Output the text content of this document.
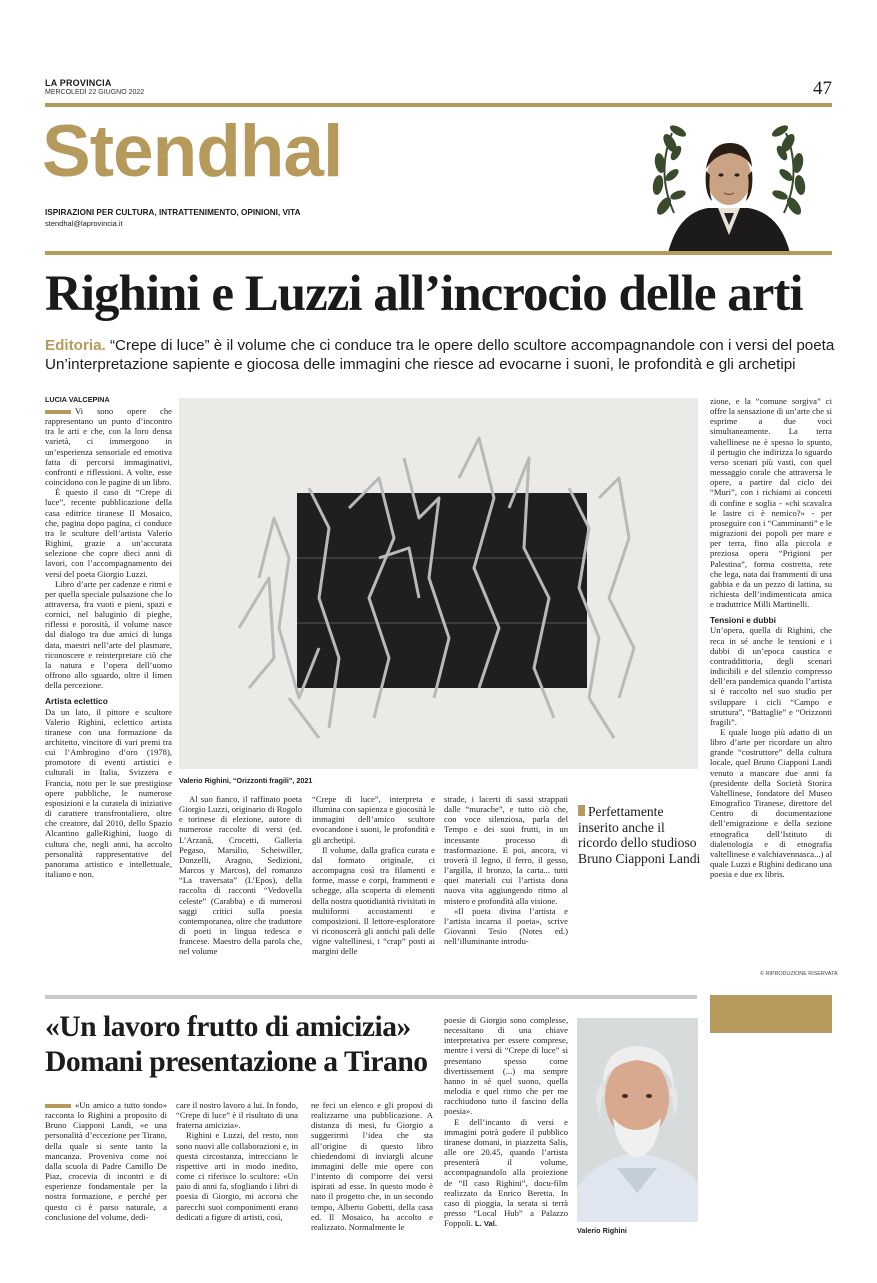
LA PROVINCIA
MERCOLEDÌ 22 GIUGNO 2022	47
Stendhal
ISPIRAZIONI PER CULTURA, INTRATTENIMENTO, OPINIONI, VITA
stendhal@laprovincia.it
Righini e Luzzi all’incrocio delle arti
Editoria. “Crepe di luce” è il volume che ci conduce tra le opere dello scultore accompagnandole con i versi del poeta
Un’interpretazione sapiente e giocosa delle immagini che riesce ad evocarne i suoni, le profondità e gli archetipi
LUCIA VALCEPINA

Vi sono opere che rappresentano un punto d’incontro tra le arti e che, con la loro densa varietà, ci immergono in un’esperienza sensoriale ed emotiva fatta di percorsi immaginativi, confronti e riflessioni. A volte, esse coincidono con le pagine di un libro.

È questo il caso di “Crepe di luce”, recente pubblicazione della casa editrice tiranese Il Mosaico, che, pagina dopo pagina, ci conduce tra le sculture dell’artista Valerio Righini, grazie a un’accurata selezione che copre dieci anni di lavori, con l’accompagnamento dei versi del poeta Giorgio Luzzi.

Libro d’arte per cadenze e ritmi e per quella speciale pulsazione che lo attraversa, fra vuoti e pieni, spazi e cornici, nel baluginio di pieghe, riflessi e porosità, il volume nasce dal dialogo tra due amici di lunga data, maestri nell’arte del plasmare, riconoscere e reinterpretare ciò che la natura e l’opera dell’uomo offrono allo sguardo, oltre il limen della percezione.

Artista eclettico

Da un lato, il pittore e scultore Valerio Righini, eclettico artista tiranese con una formazione da architetto, vincitore di vari premi tra cui l’Ambrogino d’oro (1978), promotore di eventi artistici e culturali in Italia, Svizzera e Francia, noto per le sue prestigiose opere pubbliche, le numerose esposizioni e la curatela di iniziative di carattere transfrontaliero, oltre che creatore, dal 2010, dello Spazio Alcantino galleRighini, luogo di cultura che, negli anni, ha accolto personalità rappresentative del panorama artistico e intellettuale, italiano e non.

Valerio Righini, “Orizzonti fragili”, 2021

Al suo fianco, il raffinato poeta Giorgio Luzzi, originario di Rogolo e torinese di elezione, autore di numerose raccolte di versi (ed. L’Arzanà, Crocetti, Galleria Pegaso, Marsilio, Scheiwiller, Donzelli, Aragno, Sedizioni, Marcos y Marcos), del romanzo “La traversata” (L’Epos), della raccolta di racconti “Vedovella celeste” (Carabba) e di numerosi saggi critici sulla poesia contemporanea, oltre che traduttore di poeti in lingua tedesca e francese. Maestro della parola che, nel volume

“Crepe di luce”, interpreta e illumina con sapienza e giocosità le immagini dell’amico scultore evocandone i suoni, le profondità e gli archetipi.

Il volume, dalla grafica curata e dal formato originale, ci accompagna così tra filamenti e forme, masse e corpi, frammenti e schegge, alla scoperta di elementi della nostra quotidianità rivisitati in multiformi accostamenti e composizioni. Il lettore-esploratore vi riconoscerà gli antichi pali delle vigne valtellinesi, i “crap” posti ai margini delle

strade, i lacerti di sassi strappati dalle “murache”, e tutto ciò che, con voce silenziosa, parla del Tempo e dei suoi frutti, in un incessante processo di trasformazione. E poi, ancora, vi troverà il legno, il ferro, il gesso, l’argilla, il bronzo, la carta... tutti quei materiali cui l’artista dona nuova vita aggiungendo ritmo al mistero e profondità alla visione.

«Il poeta divina l’artista e l’artista incarna il poeta», scrive Giovanni Tesio (Notes ed.) nell’illuminante introdu-

Perfettamente inserito anche il ricordo dello studioso Bruno Ciapponi Landi

zione, e la “comune sorgiva” ci offre la sensazione di un’arte che si esprime a due voci simultaneamente. La terra valtellinese ne è spesso lo spunto, il pertugio che indirizza lo sguardo verso scenari più vasti, con quel messaggio corale che attraversa le opere, a partire dal ciclo dei “Muri”, con i richiami ai concetti di confine e soglia - «chi scavalca le lastre ci è nemico?» - per proseguire con i “Camminanti” e le migrazioni dei popoli per mare e per terra, fino alla piccola e preziosa opera “Prigioni per Palestina”, forma costretta, rete che lega, nata dai frammenti di una gabbia e da un pezzo di lattina, su richiesta dell’indimenticata amica e traduttrice Milli Martinelli.

Tensioni e dubbi

Un’opera, quella di Righini, che reca in sé anche le tensioni e i dubbi di un’epoca caustica e contraddittoria, degli scenari indicibili e del silenzio compresso dell’era pandemica quando l’artista si è raccolto nel suo studio per sviluppare i cicli “Campo e struttura”, “Battaglie” e “Orizzonti fragili”.

E quale luogo più adatto di un libro d’arte per ricordare un altro grande “costruttore” della cultura locale, quel Bruno Ciapponi Landi venuto a mancare due anni fa (presidente della Società Storica Valtellinese, fondatore del Museo Etnografico Tiranese, direttore del Centro di documentazione dell’emigrazione e della sezione etnografica dell’Istituto di dialettologia e di etnografia valtellinese e valchiavennasca...) al quale Luzzi e Righini dedicano una poesia e due ex libris.

© RIPRODUZIONE RISERVATA
«Un lavoro frutto di amicizia»
Domani presentazione a Tirano

«Un amico a tutto tondo» racconta lo Righini a proposito di Bruno Ciapponi Landi, «e una personalità d’eccezione per Tirano, della quale si sente tanto la mancanza. Proveniva come noi dalla scuola di Padre Camillo De Piaz, crocevia di incontri e di esperienze fondamentale per la nostra formazione, e perché per questo ci è parso naturale, a conclusione del volume, dedi-

care il nostro lavoro a lui. In fondo, “Crepe di luce” è il risultato di una fraterna amicizia».

Righini e Luzzi, del resto, non sono nuovi alle collaborazioni e, in questa circostanza, intrecciano le rispettive arti in modo inedito, come ci riferisce lo scultore: «Un paio di anni fa, sfogliando i libri di poesia di Giorgio, mi accorsi che parecchi suoi componimenti erano dedicati a figure di artisti, così,

ne feci un elenco e gli proposi di realizzarne una pubblicazione. A distanza di mesi, fu Giorgio a suggerirmi l’idea che sta all’origine di questo libro chiedendomi di inviargli alcune immagini delle mie opere con l’intento di comporre dei versi ispirati ad esse. In questo modo è nato il progetto che, in un secondo tempo, Alberto Gobetti, della casa ed. Il Mosaico, ha accolto e realizzato. Normalmente le

poesie di Giorgio sono complesse, necessitano di una chiave interpretativa per essere comprese, mentre i versi di “Crepe di luce” si presentano spesso come divertissement (...) ma sempre hanno in sé quel suono, quella melodia e quel ritmo che per me racchiudono tutto il fascino della poesia».

E dell’incanto di versi e immagini potrà godere il pubblico tiranese domani, in piazzetta Salis, alle ore 20.45, quando l’artista presenterà il volume, accompagnandolo alla proiezione de “Il caso Righini”, docu-film realizzato da Enrico Beretta. In caso di pioggia, la serata si terrà presso “Local Hub” a Palazzo Foppoli. L. Val.

Valerio Righini
